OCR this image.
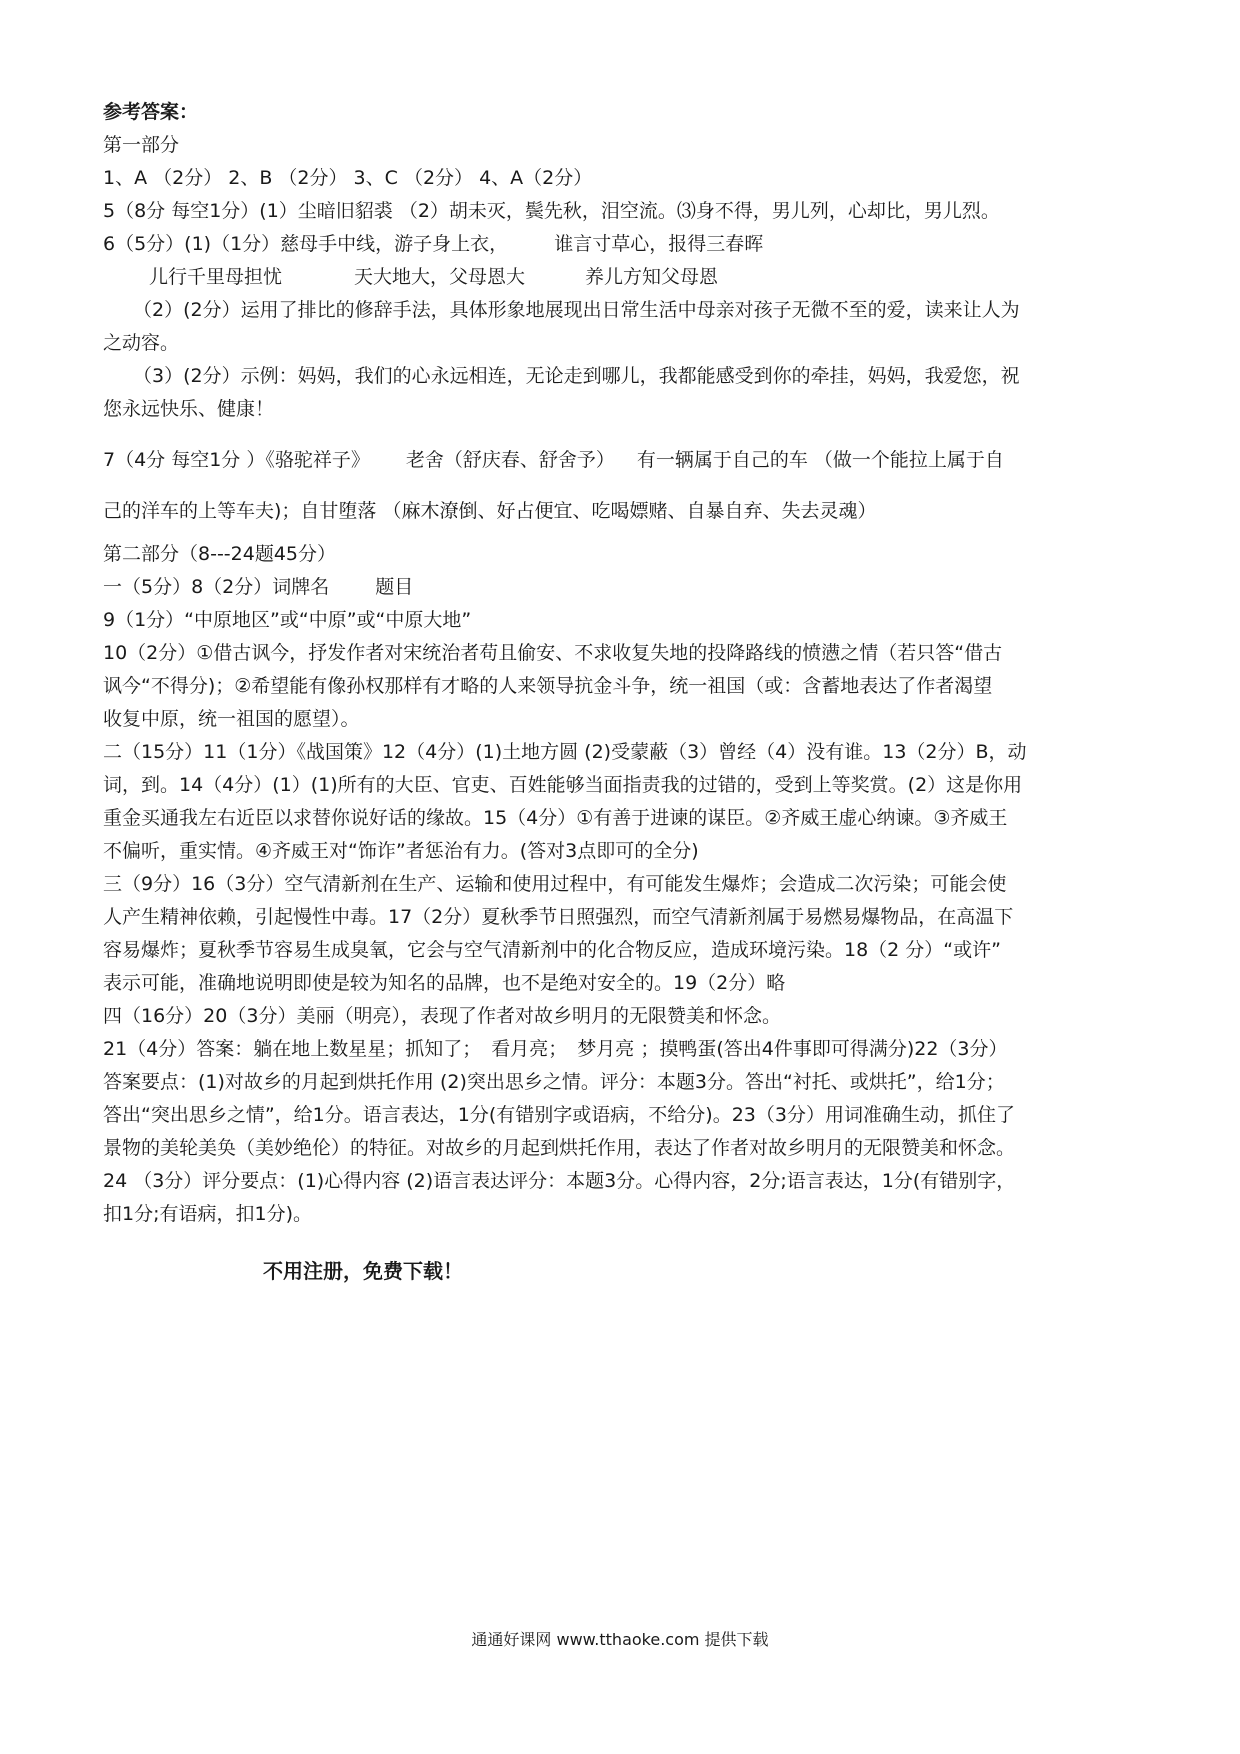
参考答案：
第一部分
1、A （2分） 2、B （2分） 3、C （2分） 4、A（2分）
5（8分 每空1分）(1）尘暗旧貂裘 （2）胡未灭，鬓先秋，泪空流。⑶身不得，男儿列，心却比，男儿烈。
6（5分）(1)（1分）慈母手中线，游子身上衣， 谁言寸草心，报得三春晖
儿行千里母担忧	天大地大，父母恩大	养儿方知父母恩
（2）(2分）运用了排比的修辞手法，具体形象地展现出日常生活中母亲对孩子无微不至的爱，读来让人为
之动容。
（3）(2分）示例：妈妈，我们的心永远相连，无论走到哪儿，我都能感受到你的牵挂，妈妈，我爱您，祝
您永远快乐、健康！
7（4分 每空1分 ）《骆驼祥子》 老舍（舒庆春、舒舍予） 有一辆属于自己的车 （做一个能拉上属于自
己的洋车的上等车夫)；自甘堕落 （麻木潦倒、好占便宜、吃喝嫖赌、自暴自弃、失去灵魂）
第二部分（8---24题45分）
一（5分）8（2分）词牌名 题目
9（1分）“中原地区”或“中原”或“中原大地”
10（2分）①借古讽今，抒发作者对宋统治者苟且偷安、不求收复失地的投降路线的愤懑之情（若只答“借古
讽今“不得分)；②希望能有像孙权那样有才略的人来领导抗金斗争，统一祖国（或：含蓄地表达了作者渴望
收复中原，统一祖国的愿望）。
二（15分）11（1分）《战国策》12（4分）(1)土地方圆 (2)受蒙蔽（3）曾经（4）没有谁。13（2分）B，动
词，到。14（4分）(1）(1)所有的大臣、官吏、百姓能够当面指责我的过错的，受到上等奖赏。(2）这是你用
重金买通我左右近臣以求替你说好话的缘故。15（4分）①有善于进谏的谋臣。②齐威王虚心纳谏。③齐威王
不偏听，重实情。④齐威王对“饰诈”者惩治有力。(答对3点即可的全分)
三（9分）16（3分）空气清新剂在生产、运输和使用过程中，有可能发生爆炸；会造成二次污染；可能会使
人产生精神依赖，引起慢性中毒。17（2分）夏秋季节日照强烈，而空气清新剂属于易燃易爆物品，在高温下
容易爆炸；夏秋季节容易生成臭氧，它会与空气清新剂中的化合物反应，造成环境污染。18（2 分）“或许”
表示可能，准确地说明即使是较为知名的品牌，也不是绝对安全的。19（2分）略
四（16分）20（3分）美丽（明亮），表现了作者对故乡明月的无限赞美和怀念。
21（4分）答案：躺在地上数星星；抓知了； 看月亮； 梦月亮 ；摸鸭蛋(答出4件事即可得满分)22（3分）
答案要点：(1)对故乡的月起到烘托作用 (2)突出思乡之情。评分：本题3分。答出“衬托、或烘托”，给1分；
答出“突出思乡之情”，给1分。语言表达，1分(有错别字或语病，不给分)。23（3分）用词准确生动，抓住了
景物的美轮美奂（美妙绝伦）的特征。对故乡的月起到烘托作用，表达了作者对故乡明月的无限赞美和怀念。
24 （3分）评分要点：(1)心得内容 (2)语言表达评分：本题3分。心得内容，2分;语言表达，1分(有错别字，
扣1分;有语病，扣1分)。
不用注册，免费下载！
通通好课网 www.tthaoke.com 提供下载
